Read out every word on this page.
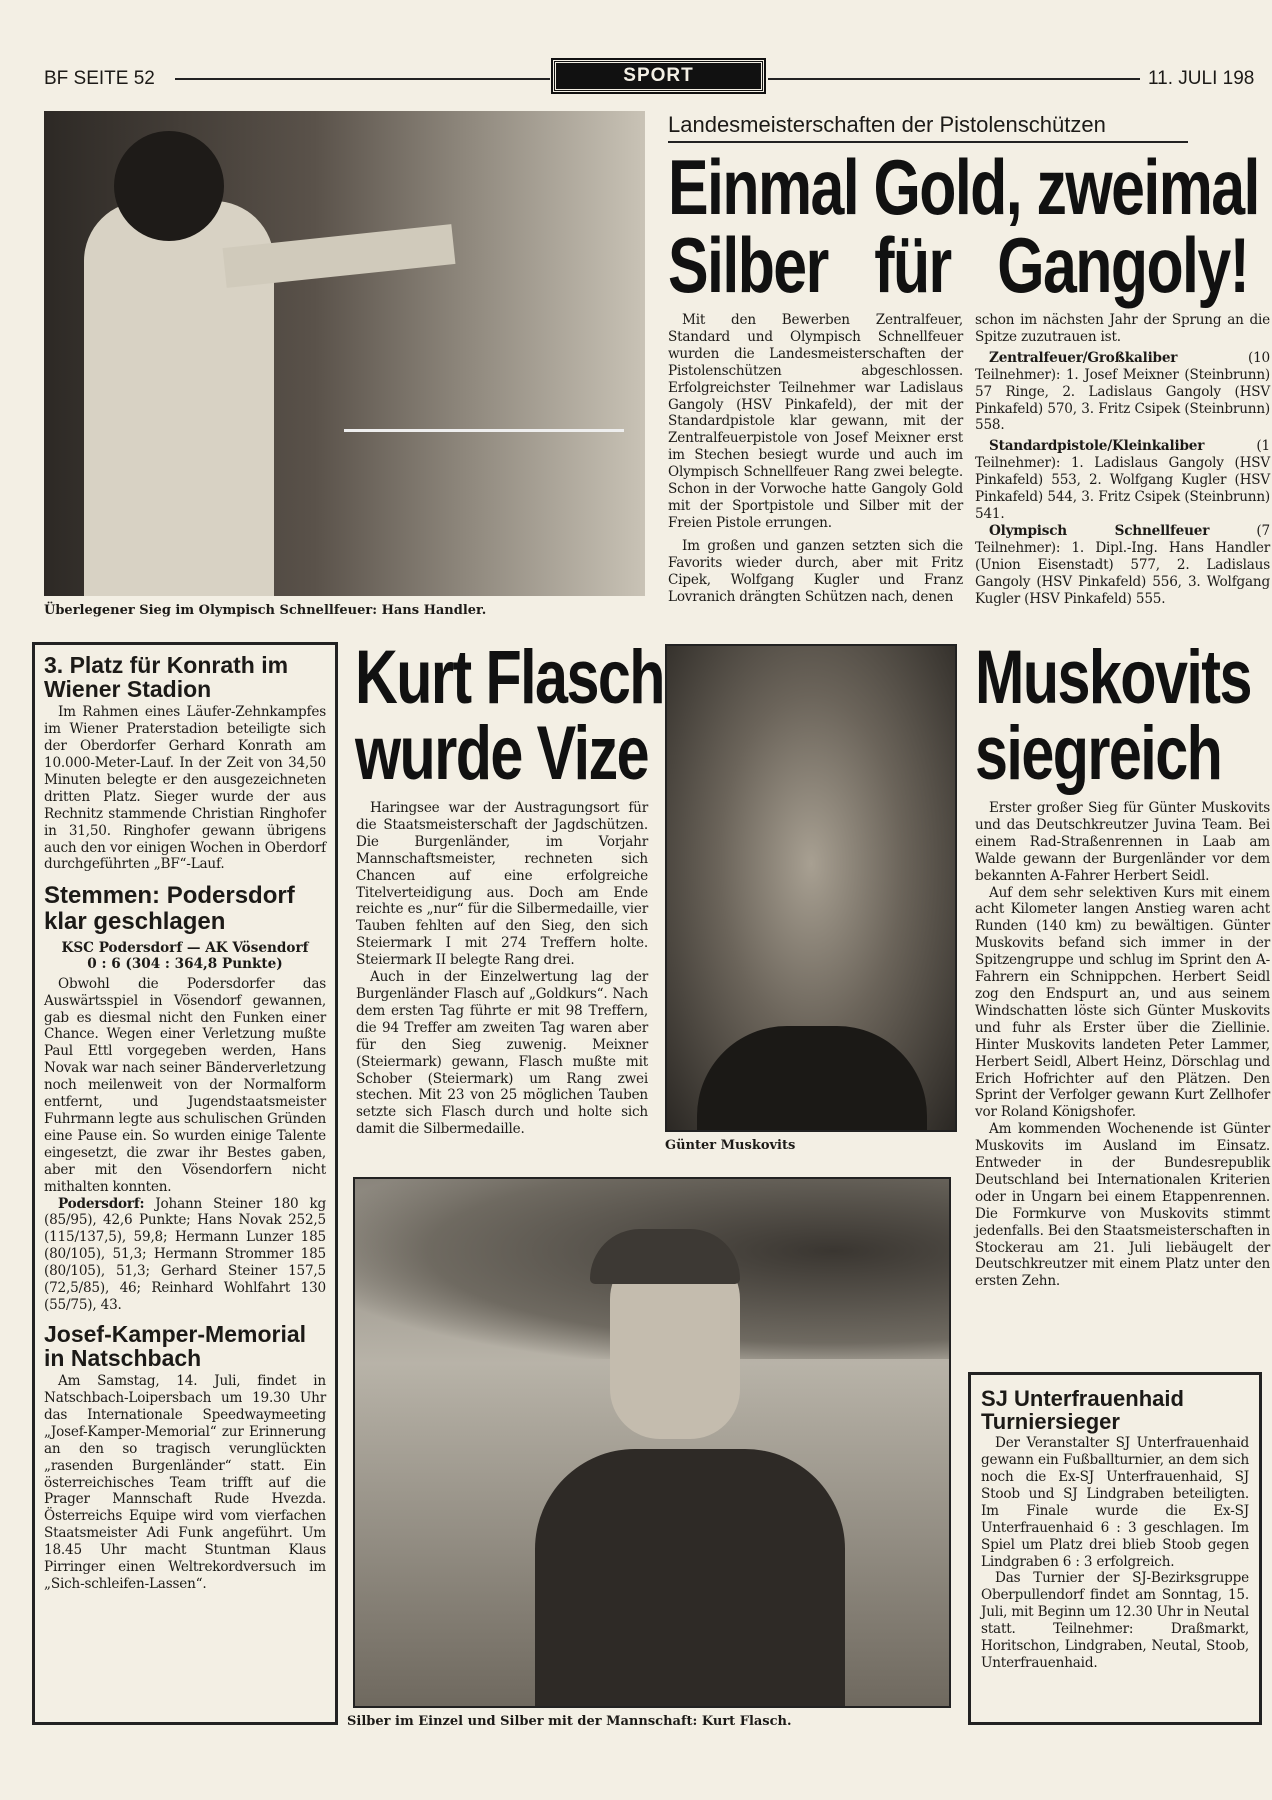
BF SEITE 52	SPORT	11. JULI 198
Überlegener Sieg im Olympisch Schnellfeuer: Hans Handler.
Landesmeisterschaften der Pistolenschützen
Einmal Gold, zweimal
Silber für Gangoly!

Mit den Bewerben Zentralfeuer, Standard und Olympisch Schnellfeuer wurden die Landesmeisterschaften der Pistolenschützen abgeschlossen. Erfolgreichster Teilnehmer war Ladislaus Gangoly (HSV Pinkafeld), der mit der Standardpistole klar gewann, mit der Zentralfeuerpistole von Josef Meixner erst im Stechen besiegt wurde und auch im Olympisch Schnellfeuer Rang zwei belegte. Schon in der Vorwoche hatte Gangoly Gold mit der Sportpistole und Silber mit der Freien Pistole errungen.

Im großen und ganzen setzten sich die Favorits wieder durch, aber mit Fritz Cipek, Wolfgang Kugler und Franz Lovranich drängten Schützen nach, denen

schon im nächsten Jahr der Sprung an die Spitze zuzutrauen ist.

Zentralfeuer/Großkaliber (10 Teilnehmer): 1. Josef Meixner (Steinbrunn) 57 Ringe, 2. Ladislaus Gangoly (HSV Pinkafeld) 570, 3. Fritz Csipek (Steinbrunn) 558.

Standardpistole/Kleinkaliber (1 Teilnehmer): 1. Ladislaus Gangoly (HSV Pinkafeld) 553, 2. Wolfgang Kugler (HSV Pinkafeld) 544, 3. Fritz Csipek (Steinbrunn) 541.

Olympisch Schnellfeuer (7 Teilnehmer): 1. Dipl.-Ing. Hans Handler (Union Eisenstadt) 577, 2. Ladislaus Gangoly (HSV Pinkafeld) 556, 3. Wolfgang Kugler (HSV Pinkafeld) 555.

3. Platz für Konrath im Wiener Stadion

Im Rahmen eines Läufer-Zehnkampfes im Wiener Praterstadion beteiligte sich der Oberdorfer Gerhard Konrath am 10.000-Meter-Lauf. In der Zeit von 34,50 Minuten belegte er den ausgezeichneten dritten Platz. Sieger wurde der aus Rechnitz stammende Christian Ringhofer in 31,50. Ringhofer gewann übrigens auch den vor einigen Wochen in Oberdorf durchgeführten „BF“-Lauf.

Stemmen: Podersdorf klar geschlagen
KSC Podersdorf — AK Vösendorf
0 : 6 (304 : 364,8 Punkte)

Obwohl die Podersdorfer das Auswärtsspiel in Vösendorf gewannen, gab es diesmal nicht den Funken einer Chance. Wegen einer Verletzung mußte Paul Ettl vorgegeben werden, Hans Novak war nach seiner Bänderverletzung noch meilenweit von der Normalform entfernt, und Jugendstaatsmeister Fuhrmann legte aus schulischen Gründen eine Pause ein. So wurden einige Talente eingesetzt, die zwar ihr Bestes gaben, aber mit den Vösendorfern nicht mithalten konnten.

Podersdorf: Johann Steiner 180 kg (85/95), 42,6 Punkte; Hans Novak 252,5 (115/137,5), 59,8; Hermann Lunzer 185 (80/105), 51,3; Hermann Strommer 185 (80/105), 51,3; Gerhard Steiner 157,5 (72,5/85), 46; Reinhard Wohlfahrt 130 (55/75), 43.

Josef-Kamper-Memorial in Natschbach

Am Samstag, 14. Juli, findet in Natschbach-Loipersbach um 19.30 Uhr das Internationale Speedwaymeeting „Josef-Kamper-Memorial“ zur Erinnerung an den so tragisch verunglückten „rasenden Burgenländer“ statt. Ein österreichisches Team trifft auf die Prager Mannschaft Rude Hvezda. Österreichs Equipe wird vom vierfachen Staatsmeister Adi Funk angeführt. Um 18.45 Uhr macht Stuntman Klaus Pirringer einen Weltrekordversuch im „Sich-schleifen-Lassen“.

Kurt Flasch
wurde Vize

Haringsee war der Austragungsort für die Staatsmeisterschaft der Jagdschützen. Die Burgenländer, im Vorjahr Mannschaftsmeister, rechneten sich Chancen auf eine erfolgreiche Titelverteidigung aus. Doch am Ende reichte es „nur“ für die Silbermedaille, vier Tauben fehlten auf den Sieg, den sich Steiermark I mit 274 Treffern holte. Steiermark II belegte Rang drei.

Auch in der Einzelwertung lag der Burgenländer Flasch auf „Goldkurs“. Nach dem ersten Tag führte er mit 98 Treffern, die 94 Treffer am zweiten Tag waren aber für den Sieg zuwenig. Meixner (Steiermark) gewann, Flasch mußte mit Schober (Steiermark) um Rang zwei stechen. Mit 23 von 25 möglichen Tauben setzte sich Flasch durch und holte sich damit die Silbermedaille.

Günter Muskovits
Muskovits
siegreich

Erster großer Sieg für Günter Muskovits und das Deutschkreutzer Juvina Team. Bei einem Rad-Straßenrennen in Laab am Walde gewann der Burgenländer vor dem bekannten A-Fahrer Herbert Seidl.

Auf dem sehr selektiven Kurs mit einem acht Kilometer langen Anstieg waren acht Runden (140 km) zu bewältigen. Günter Muskovits befand sich immer in der Spitzengruppe und schlug im Sprint den A-Fahrern ein Schnippchen. Herbert Seidl zog den Endspurt an, und aus seinem Windschatten löste sich Günter Muskovits und fuhr als Erster über die Ziellinie. Hinter Muskovits landeten Peter Lammer, Herbert Seidl, Albert Heinz, Dörschlag und Erich Hofrichter auf den Plätzen. Den Sprint der Verfolger gewann Kurt Zellhofer vor Roland Königshofer.

Am kommenden Wochenende ist Günter Muskovits im Ausland im Einsatz. Entweder in der Bundesrepublik Deutschland bei Internationalen Kriterien oder in Ungarn bei einem Etappenrennen. Die Formkurve von Muskovits stimmt jedenfalls. Bei den Staatsmeisterschaften in Stockerau am 21. Juli liebäugelt der Deutschkreutzer mit einem Platz unter den ersten Zehn.

Silber im Einzel und Silber mit der Mannschaft: Kurt Flasch.
SJ Unterfrauenhaid Turniersieger

Der Veranstalter SJ Unterfrauenhaid gewann ein Fußballturnier, an dem sich noch die Ex-SJ Unterfrauenhaid, SJ Stoob und SJ Lindgraben beteiligten. Im Finale wurde die Ex-SJ Unterfrauenhaid 6 : 3 geschlagen. Im Spiel um Platz drei blieb Stoob gegen Lindgraben 6 : 3 erfolgreich.

Das Turnier der SJ-Bezirksgruppe Oberpullendorf findet am Sonntag, 15. Juli, mit Beginn um 12.30 Uhr in Neutal statt. Teilnehmer: Draßmarkt, Horitschon, Lindgraben, Neutal, Stoob, Unterfrauenhaid.
